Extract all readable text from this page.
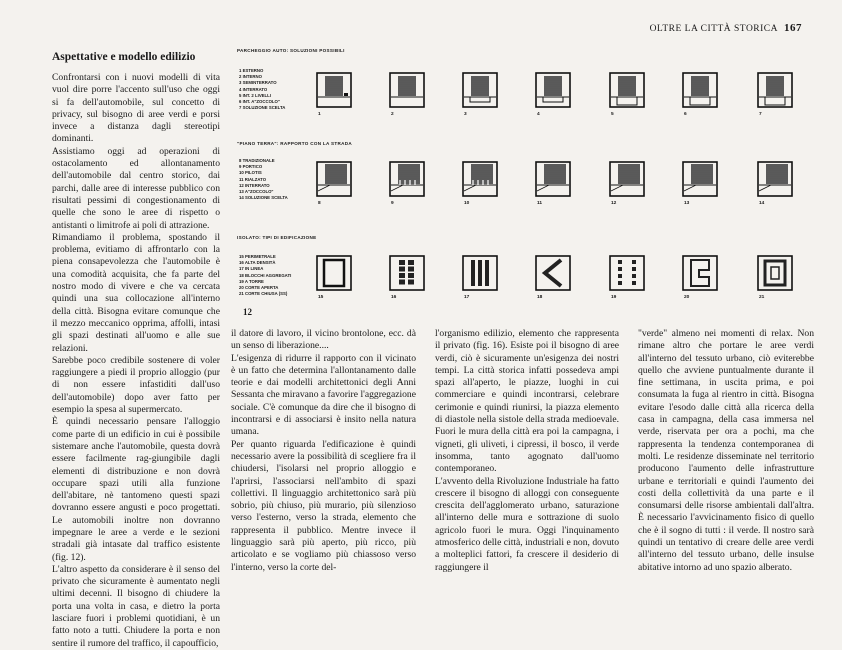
OLTRE LA CITTÀ STORICA 167
Aspettative e modello edilizio

Confrontarsi con i nuovi modelli di vita vuol dire porre l'accento sull'uso che oggi si fa dell'automobile, sul concetto di privacy, sul bisogno di aree verdi e porsi invece a distanza dagli stereotipi dominanti.

Assistiamo oggi ad operazioni di ostacolamento ed allontanamento dell'automobile dal centro storico, dai parchi, dalle aree di interesse pubblico con risultati pessimi di congestionamento di quelle che sono le aree di rispetto o antistanti o limitrofe ai poli di attrazione.

Rimandiamo il problema, spostando il problema, evitiamo di affrontarlo con la piena consapevolezza che l'automobile è una comodità acquisita, che fa parte del nostro modo di vivere e che va cercata quindi una sua collocazione all'interno della città. Bisogna evitare comunque che il mezzo meccanico opprima, affolli, intasi gli spazi destinati all'uomo e alle sue relazioni.

Sarebbe poco credibile sostenere di voler raggiungere a piedi il proprio alloggio (pur di non essere infastiditi dall'uso dell'automobile) dopo aver fatto per esempio la spesa al supermercato.

È quindi necessario pensare l'alloggio come parte di un edificio in cui è possibile sistemare anche l'automobile, questa dovrà essere facilmente rag-giungibile dagli elementi di distribuzione e non dovrà occupare spazi utili alla funzione dell'abitare, nè tantomeno questi spazi dovranno essere angusti e poco progettati. Le automobili inoltre non dovranno impegnare le aree a verde e le sezioni stradali già intasate dal traffico esistente (fig. 12).

L'altro aspetto da considerare è il senso del privato che sicuramente è aumentato negli ultimi decenni. Il bisogno di chiudere la porta una volta in casa, e dietro la porta lasciare fuori i problemi quotidiani, è un fatto noto a tutti. Chiudere la porta e non sentire il rumore del traffico, il capoufficio,

PARCHEGGIO AUTO: SOLUZIONI POSSIBILI
1 ESTERNO
2 INTERNO
3 SEMINTERRATO
4 INTERRATO
5 INT. 2 LIVELLI
6 INT. A"ZOCCOLO"
7 SOLUZIONE SCELTA
"PIANO TERRA": RAPPORTO CON LA STRADA
8 TRADIZIONALE
9 PORTICO
10 PILOTIS
11 RIALZATO
12 INTERRATO
13 A"ZOCCOLO"
14 SOLUZIONE SCELTA
ISOLATO: TIPI DI EDIFICAZIONE
15 PERIMETRALE
16 ALTA DENSITÀ
17 IN LINEA
18 BLOCCHI AGGREGATI
19 A TORRE
20 CORTE APERTA
21 CORTE CHIUSA (SS)
12
1	2	3	4	5	6	7
8	9	10	11	12	13	14
15	16	17	18	19	20	21

il datore di lavoro, il vicino brontolone, ecc. dà un senso di liberazione....

L'esigenza di ridurre il rapporto con il vicinato è un fatto che determina l'allontanamento dalle teorie e dai modelli architettonici degli Anni Sessanta che miravano a favorire l'aggregazione sociale. C'è comunque da dire che il bisogno di incontrarsi e di associarsi è insito nella natura umana.

Per quanto riguarda l'edificazione è quindi necessario avere la possibilità di scegliere fra il chiudersi, l'isolarsi nel proprio alloggio e l'aprirsi, l'associarsi nell'ambito di spazi collettivi. Il linguaggio architettonico sarà più sobrio, più chiuso, più murario, più silenzioso verso l'esterno, verso la strada, elemento che rappresenta il pubblico. Mentre invece il linguaggio sarà più aperto, più ricco, più articolato e se vogliamo più chiassoso verso l'interno, verso la corte del-

l'organismo edilizio, elemento che rappresenta il privato (fig. 16). Esiste poi il bisogno di aree verdi, ciò è sicuramente un'esigenza dei nostri tempi. La città storica infatti possedeva ampi spazi all'aperto, le piazze, luoghi in cui commerciare e quindi incontrarsi, celebrare cerimonie e quindi riunirsi, la piazza elemento di diastole nella sistole della strada medioevale. Fuori le mura della città era poi la campagna, i vigneti, gli uliveti, i cipressi, il bosco, il verde insomma, tanto agognato dall'uomo contemporaneo.

L'avvento della Rivoluzione Industriale ha fatto crescere il bisogno di alloggi con conseguente crescita dell'agglomerato urbano, saturazione all'interno delle mura e sottrazione di suolo agricolo fuori le mura. Oggi l'inquinamento atmosferico delle città, industriali e non, dovuto a molteplici fattori, fa crescere il desiderio di raggiungere il

"verde" almeno nei momenti di relax. Non rimane altro che portare le aree verdi all'interno del tessuto urbano, ciò eviterebbe quello che avviene puntualmente durante il fine settimana, in uscita prima, e poi consumata la fuga al rientro in città. Bisogna evitare l'esodo dalle città alla ricerca della casa in campagna, della casa immersa nel verde, riservata per ora a pochi, ma che rappresenta la tendenza contemporanea di molti. Le residenze disseminate nel territorio producono l'aumento delle infrastrutture urbane e territoriali e quindi l'aumento dei costi della collettività da una parte e il consumarsi delle risorse ambientali dall'altra. È necessario l'avvicinamento fisico di quello che è il sogno di tutti : il verde. Il nostro sarà quindi un tentativo di creare delle aree verdi all'interno del tessuto urbano, delle insulse abitative intorno ad uno spazio alberato.
